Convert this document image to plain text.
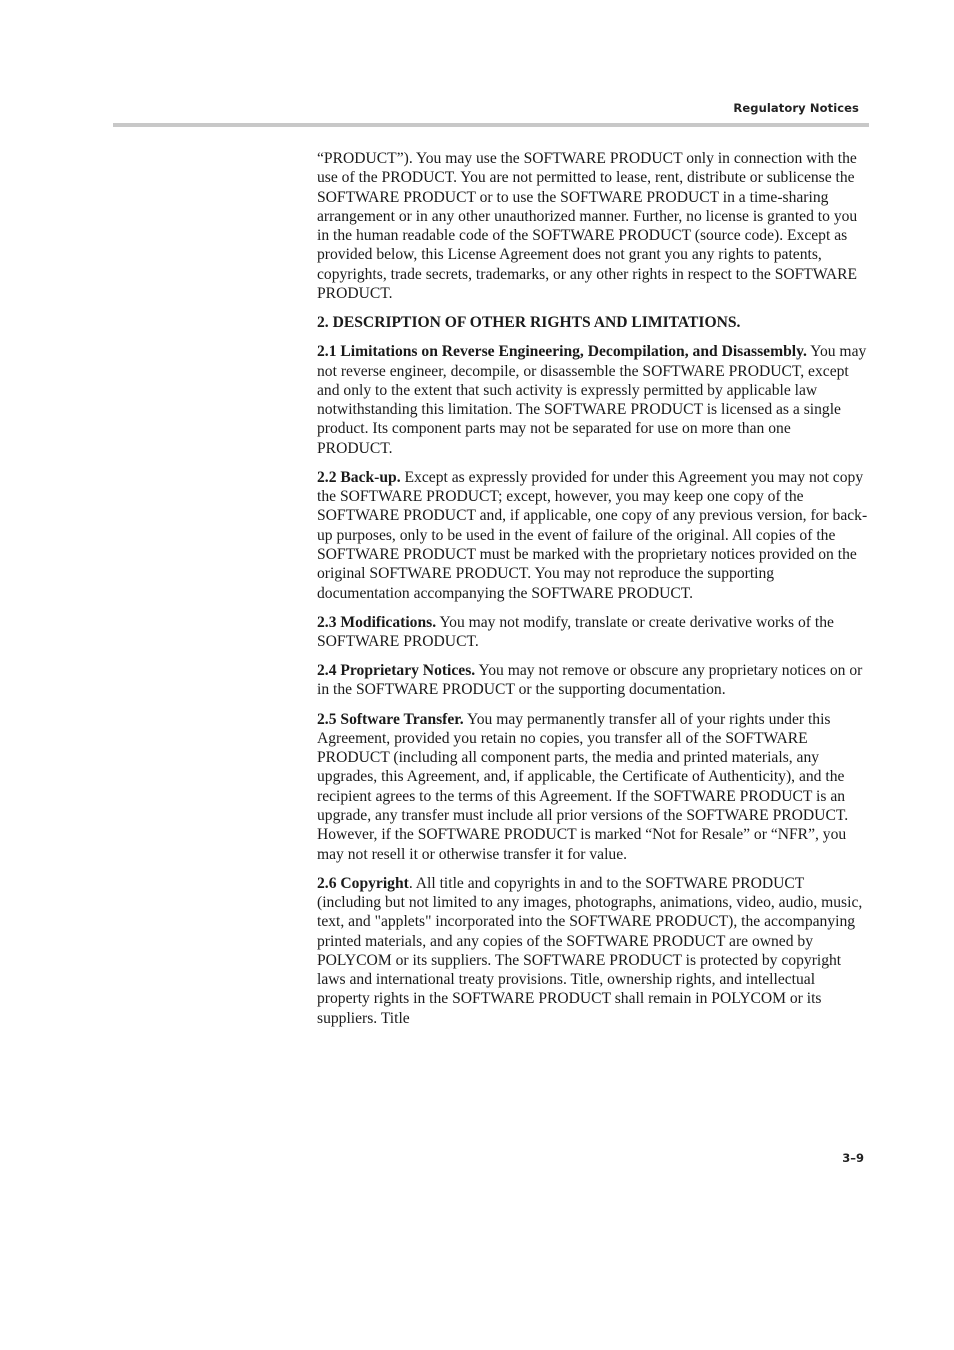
Regulatory Notices

“PRODUCT”). You may use the SOFTWARE PRODUCT only in connection with the use of the PRODUCT. You are not permitted to lease, rent, distribute or sublicense the SOFTWARE PRODUCT or to use the SOFTWARE PRODUCT in a time-sharing arrangement or in any other unauthorized manner. Further, no license is granted to you in the human readable code of the SOFTWARE PRODUCT (source code). Except as provided below, this License Agreement does not grant you any rights to patents, copyrights, trade secrets, trademarks, or any other rights in respect to the SOFTWARE PRODUCT.

2. DESCRIPTION OF OTHER RIGHTS AND LIMITATIONS.

2.1 Limitations on Reverse Engineering, Decompilation, and Disassembly. You may not reverse engineer, decompile, or disassemble the SOFTWARE PRODUCT, except and only to the extent that such activity is expressly permitted by applicable law notwithstanding this limitation. The SOFTWARE PRODUCT is licensed as a single product. Its component parts may not be separated for use on more than one PRODUCT.

2.2 Back-up. Except as expressly provided for under this Agreement you may not copy the SOFTWARE PRODUCT; except, however, you may keep one copy of the SOFTWARE PRODUCT and, if applicable, one copy of any previous version, for back-up purposes, only to be used in the event of failure of the original. All copies of the SOFTWARE PRODUCT must be marked with the proprietary notices provided on the original SOFTWARE PRODUCT. You may not reproduce the supporting documentation accompanying the SOFTWARE PRODUCT.

2.3 Modifications. You may not modify, translate or create derivative works of the SOFTWARE PRODUCT.

2.4 Proprietary Notices. You may not remove or obscure any proprietary notices on or in the SOFTWARE PRODUCT or the supporting documentation.

2.5 Software Transfer. You may permanently transfer all of your rights under this Agreement, provided you retain no copies, you transfer all of the SOFTWARE PRODUCT (including all component parts, the media and printed materials, any upgrades, this Agreement, and, if applicable, the Certificate of Authenticity), and the recipient agrees to the terms of this Agreement. If the SOFTWARE PRODUCT is an upgrade, any transfer must include all prior versions of the SOFTWARE PRODUCT. However, if the SOFTWARE PRODUCT is marked “Not for Resale” or “NFR”, you may not resell it or otherwise transfer it for value.

2.6 Copyright. All title and copyrights in and to the SOFTWARE PRODUCT (including but not limited to any images, photographs, animations, video, audio, music, text, and "applets" incorporated into the SOFTWARE PRODUCT), the accompanying printed materials, and any copies of the SOFTWARE PRODUCT are owned by POLYCOM or its suppliers. The SOFTWARE PRODUCT is protected by copyright laws and international treaty provisions. Title, ownership rights, and intellectual property rights in the SOFTWARE PRODUCT shall remain in POLYCOM or its suppliers. Title

3–9
